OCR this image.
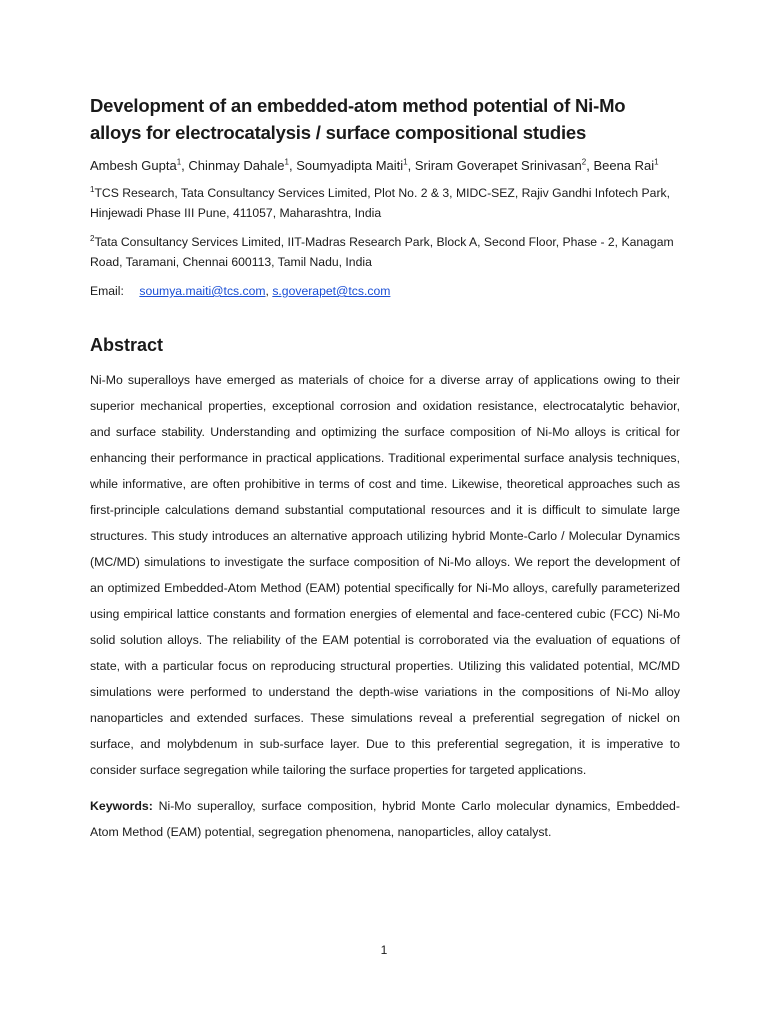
Development of an embedded-atom method potential of Ni-Mo alloys for electrocatalysis / surface compositional studies

Ambesh Gupta$^1$, Chinmay Dahale$^1$, Soumyadipta Maiti$^1$, Sriram Goverapet Srinivasan$^2$, Beena Rai$^1$

$^1$TCS Research, Tata Consultancy Services Limited, Plot No. 2 & 3, MIDC-SEZ, Rajiv Gandhi Infotech Park, Hinjewadi Phase III Pune, 411057, Maharashtra, India

$^2$Tata Consultancy Services Limited, IIT-Madras Research Park, Block A, Second Floor, Phase - 2, Kanagam Road, Taramani, Chennai 600113, Tamil Nadu, India

Email: soumya.maiti@tcs.com, s.goverapet@tcs.com

Abstract

Ni-Mo superalloys have emerged as materials of choice for a diverse array of applications owing to their superior mechanical properties, exceptional corrosion and oxidation resistance, electrocatalytic behavior, and surface stability. Understanding and optimizing the surface composition of Ni-Mo alloys is critical for enhancing their performance in practical applications. Traditional experimental surface analysis techniques, while informative, are often prohibitive in terms of cost and time. Likewise, theoretical approaches such as first-principle calculations demand substantial computational resources and it is difficult to simulate large structures. This study introduces an alternative approach utilizing hybrid Monte-Carlo / Molecular Dynamics (MC/MD) simulations to investigate the surface composition of Ni-Mo alloys. We report the development of an optimized Embedded-Atom Method (EAM) potential specifically for Ni-Mo alloys, carefully parameterized using empirical lattice constants and formation energies of elemental and face-centered cubic (FCC) Ni-Mo solid solution alloys. The reliability of the EAM potential is corroborated via the evaluation of equations of state, with a particular focus on reproducing structural properties. Utilizing this validated potential, MC/MD simulations were performed to understand the depth-wise variations in the compositions of Ni-Mo alloy nanoparticles and extended surfaces. These simulations reveal a preferential segregation of nickel on surface, and molybdenum in sub-surface layer. Due to this preferential segregation, it is imperative to consider surface segregation while tailoring the surface properties for targeted applications.

Keywords: Ni-Mo superalloy, surface composition, hybrid Monte Carlo molecular dynamics, Embedded-Atom Method (EAM) potential, segregation phenomena, nanoparticles, alloy catalyst.

1
